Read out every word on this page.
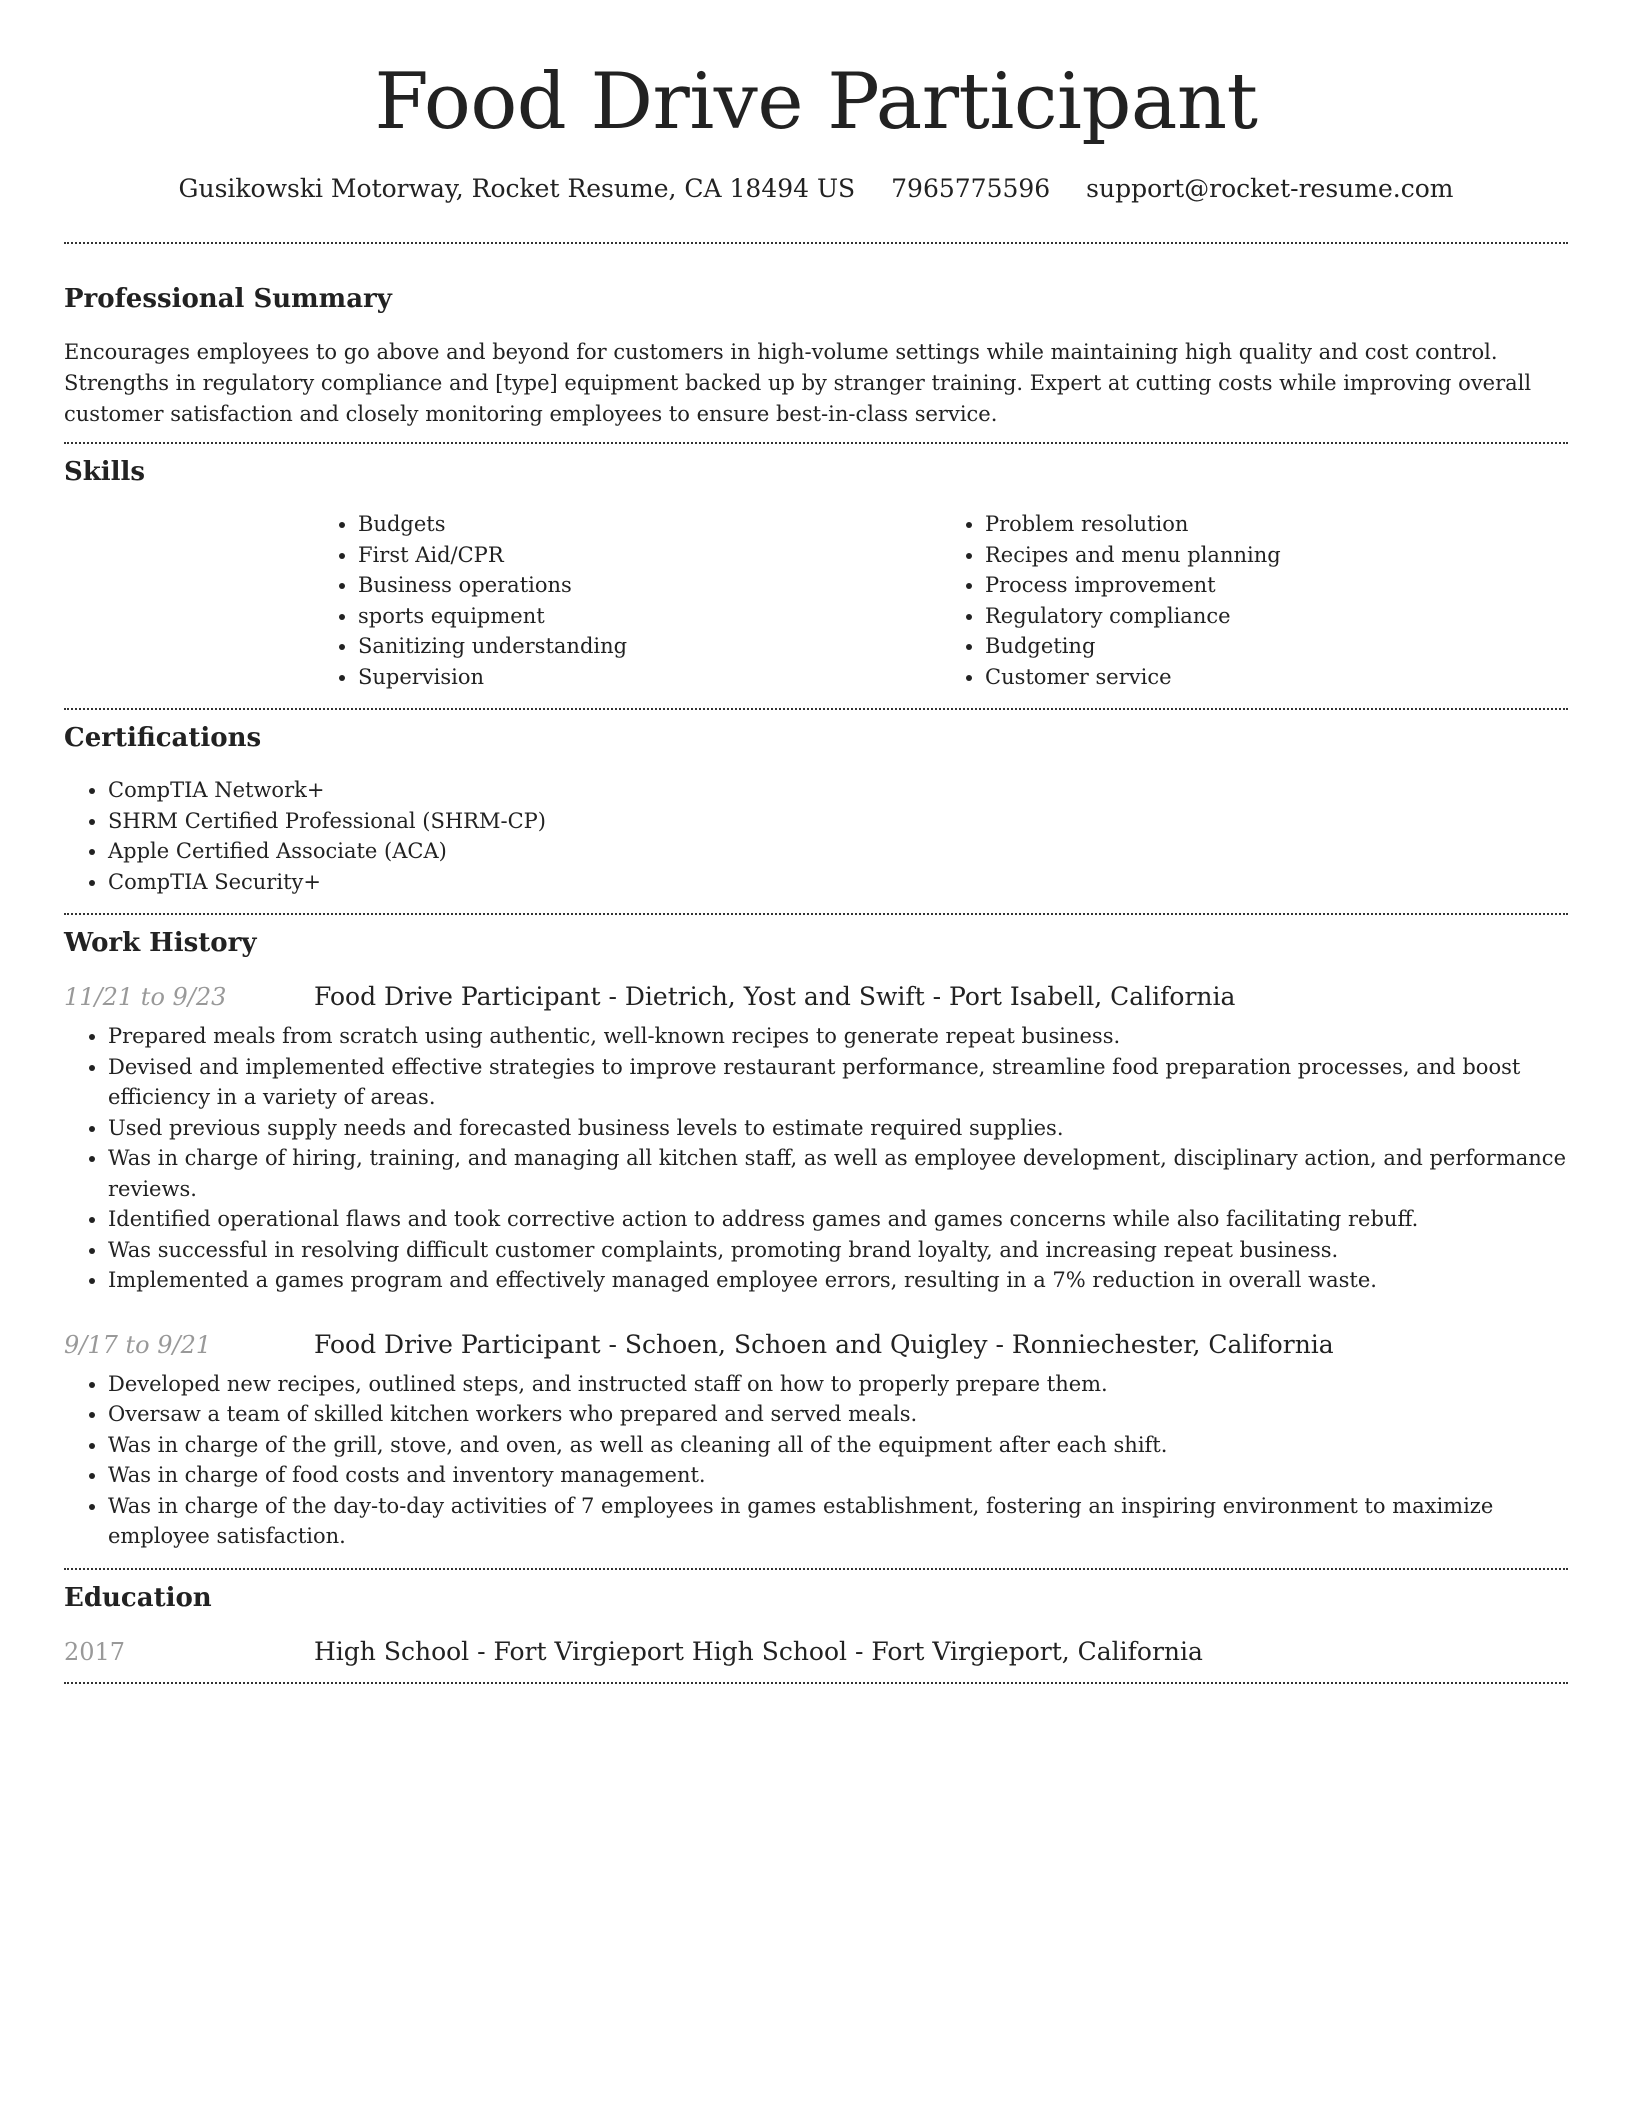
Food Drive Participant
Gusikowski Motorway, Rocket Resume, CA 18494 US 7965775596 support@rocket-resume.com
Professional Summary

Encourages employees to go above and beyond for customers in high-volume settings while maintaining high quality and cost control. Strengths in regulatory compliance and [type] equipment backed up by stranger training. Expert at cutting costs while improving overall customer satisfaction and closely monitoring employees to ensure best-in-class service.

Skills
• Budgets
• First Aid/CPR
• Business operations
• sports equipment
• Sanitizing understanding
• Supervision
• Problem resolution
• Recipes and menu planning
• Process improvement
• Regulatory compliance
• Budgeting
• Customer service
Certifications
• CompTIA Network+
• SHRM Certified Professional (SHRM-CP)
• Apple Certified Associate (ACA)
• CompTIA Security+
Work History
11/21 to 9/23	Food Drive Participant - Dietrich, Yost and Swift - Port Isabell, California
• Prepared meals from scratch using authentic, well-known recipes to generate repeat business.
• Devised and implemented effective strategies to improve restaurant performance, streamline food preparation processes, and boost efficiency in a variety of areas.
• Used previous supply needs and forecasted business levels to estimate required supplies.
• Was in charge of hiring, training, and managing all kitchen staff, as well as employee development, disciplinary action, and performance reviews.
• Identified operational flaws and took corrective action to address games and games concerns while also facilitating rebuff.
• Was successful in resolving difficult customer complaints, promoting brand loyalty, and increasing repeat business.
• Implemented a games program and effectively managed employee errors, resulting in a 7% reduction in overall waste.
9/17 to 9/21	Food Drive Participant - Schoen, Schoen and Quigley - Ronniechester, California
• Developed new recipes, outlined steps, and instructed staff on how to properly prepare them.
• Oversaw a team of skilled kitchen workers who prepared and served meals.
• Was in charge of the grill, stove, and oven, as well as cleaning all of the equipment after each shift.
• Was in charge of food costs and inventory management.
• Was in charge of the day-to-day activities of 7 employees in games establishment, fostering an inspiring environment to maximize employee satisfaction.
Education
2017	High School - Fort Virgieport High School - Fort Virgieport, California
